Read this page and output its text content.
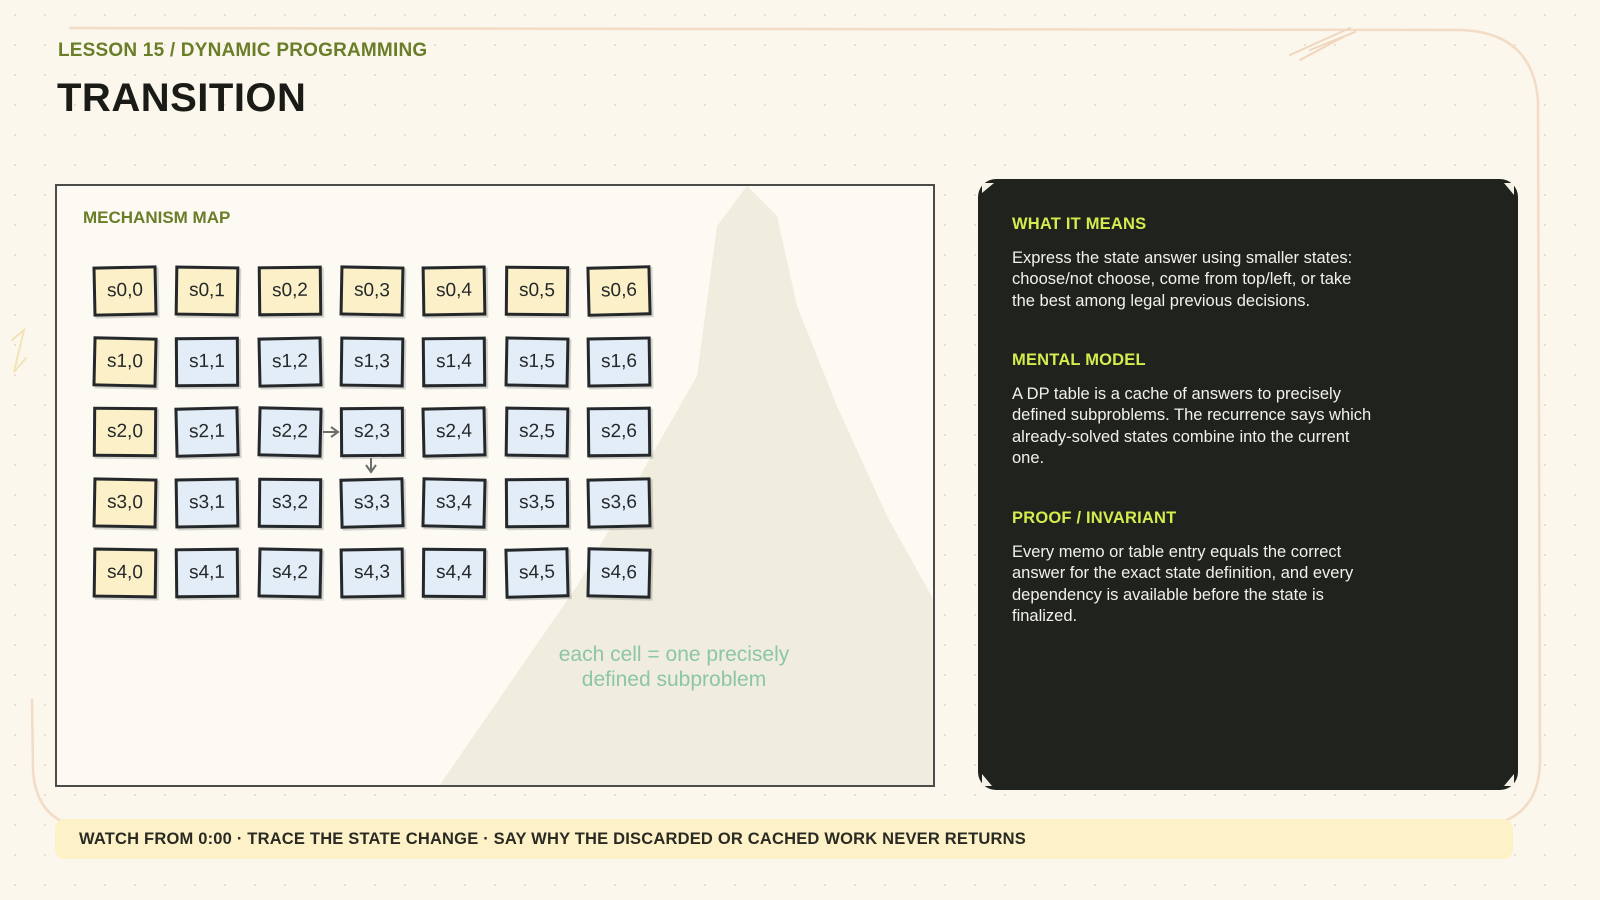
LESSON 15 / DYNAMIC PROGRAMMING
TRANSITION
MECHANISM MAP
s0,0	s0,1	s0,2	s0,3	s0,4	s0,5	s0,6
s1,0	s1,1	s1,2	s1,3	s1,4	s1,5	s1,6
s2,0	s2,1	s2,2	s2,3	s2,4	s2,5	s2,6
s3,0	s3,1	s3,2	s3,3	s3,4	s3,5	s3,6
s4,0	s4,1	s4,2	s4,3	s4,4	s4,5	s4,6
each cell = one precisely
defined subproblem
WHAT IT MEANS
Express the state answer using smaller states:
choose/not choose, come from top/left, or take
the best among legal previous decisions.
MENTAL MODEL
A DP table is a cache of answers to precisely
defined subproblems. The recurrence says which
already-solved states combine into the current
one.
PROOF / INVARIANT
Every memo or table entry equals the correct
answer for the exact state definition, and every
dependency is available before the state is
finalized.
WATCH FROM 0:00 · TRACE THE STATE CHANGE · SAY WHY THE DISCARDED OR CACHED WORK NEVER RETURNS
